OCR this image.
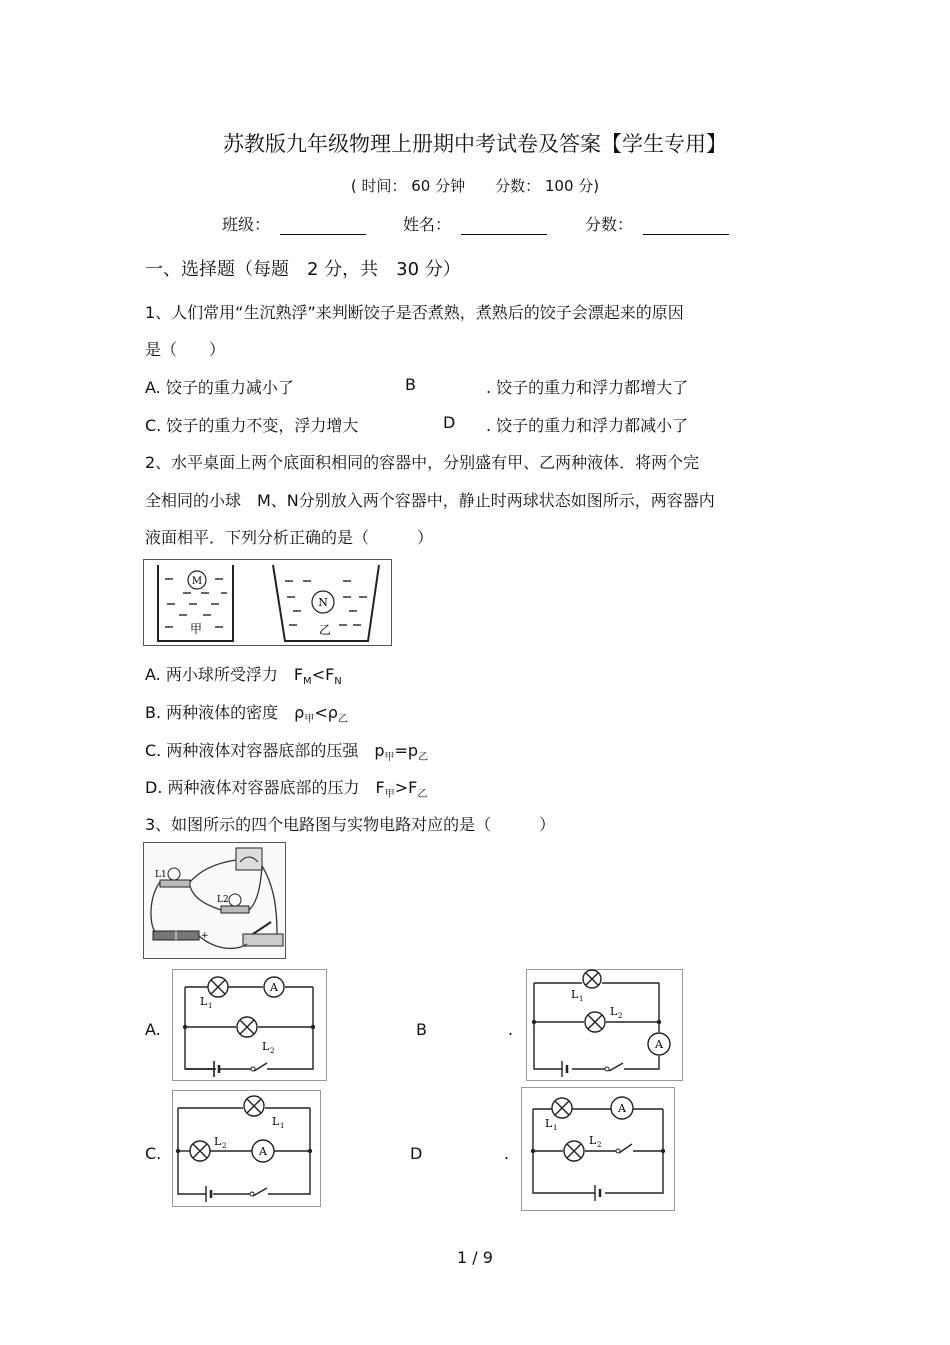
苏教版九年级物理上册期中考试卷及答案【学生专用】
( 时间： 60 分钟　　分数： 100 分)
班级：	姓名：	分数：
一、选择题（每题　2 分，共　30 分）
1、人们常用“生沉熟浮”来判断饺子是否煮熟，煮熟后的饺子会漂起来的原因
是（　　）
A. 饺子的重力减小了	B	. 饺子的重力和浮力都增大了
C. 饺子的重力不变，浮力增大	D . 饺子的重力和浮力都减小了
2、水平桌面上两个底面积相同的容器中，分别盛有甲、乙两种液体．将两个完
全相同的小球　M、N分别放入两个容器中，静止时两球状态如图所示，两容器内
液面相平．下列分析正确的是（　　　）
M
甲
N
乙
A. 两小球所受浮力　$F_M<F_N$
B. 两种液体的密度　$\rho_甲<\rho_乙$
C. 两种液体对容器底部的压强　$p_甲=p_乙$
D. 两种液体对容器底部的压力　$F_甲>F_乙$
3、如图所示的四个电路图与实物电路对应的是（　　　）
L1
L2
+
A.
A
L 1
L 2
B	.
A
L 1
L 2
C.	A
L 1
L 2	D	.
A
L 1
L 2
1 / 9
